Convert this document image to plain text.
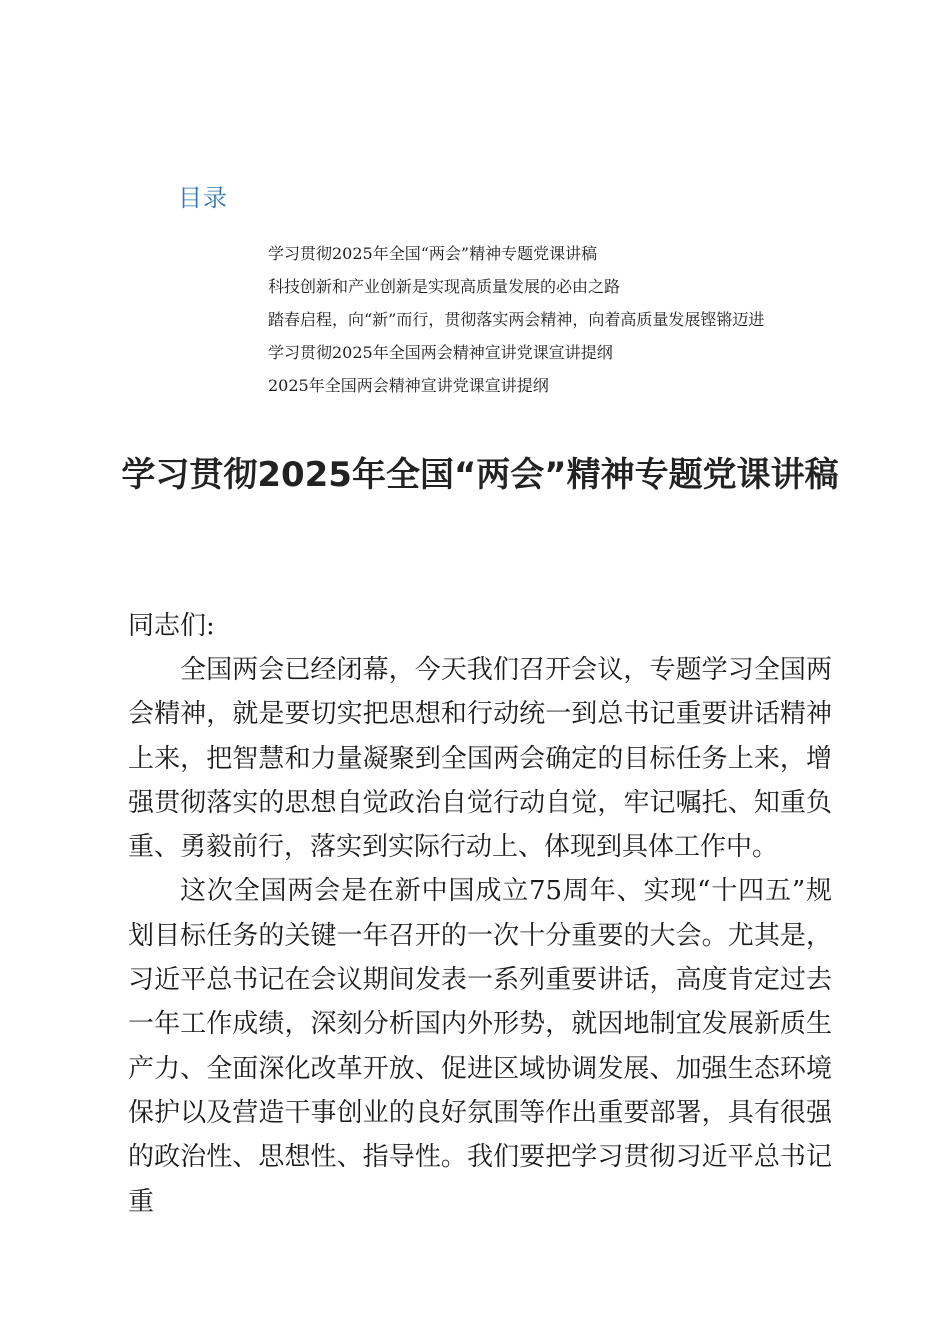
目录
学习贯彻2025年全国“两会”精神专题党课讲稿
科技创新和产业创新是实现高质量发展的必由之路
踏春启程，向“新”而行，贯彻落实两会精神，向着高质量发展铿锵迈进
学习贯彻2025年全国两会精神宣讲党课宣讲提纲
2025年全国两会精神宣讲党课宣讲提纲
学习贯彻2025年全国“两会”精神专题党课讲稿
同志们:

全国两会已经闭幕，今天我们召开会议，专题学习全国两会精神，就是要切实把思想和行动统一到总书记重要讲话精神上来，把智慧和力量凝聚到全国两会确定的目标任务上来，增强贯彻落实的思想自觉政治自觉行动自觉，牢记嘱托、知重负重、勇毅前行，落实到实际行动上、体现到具体工作中。

这次全国两会是在新中国成立75周年、实现“十四五”规划目标任务的关键一年召开的一次十分重要的大会。尤其是，习近平总书记在会议期间发表一系列重要讲话，高度肯定过去一年工作成绩，深刻分析国内外形势，就因地制宜发展新质生产力、全面深化改革开放、促进区域协调发展、加强生态环境保护以及营造干事创业的良好氛围等作出重要部署，具有很强的政治性、思想性、指导性。我们要把学习贯彻习近平总书记重
